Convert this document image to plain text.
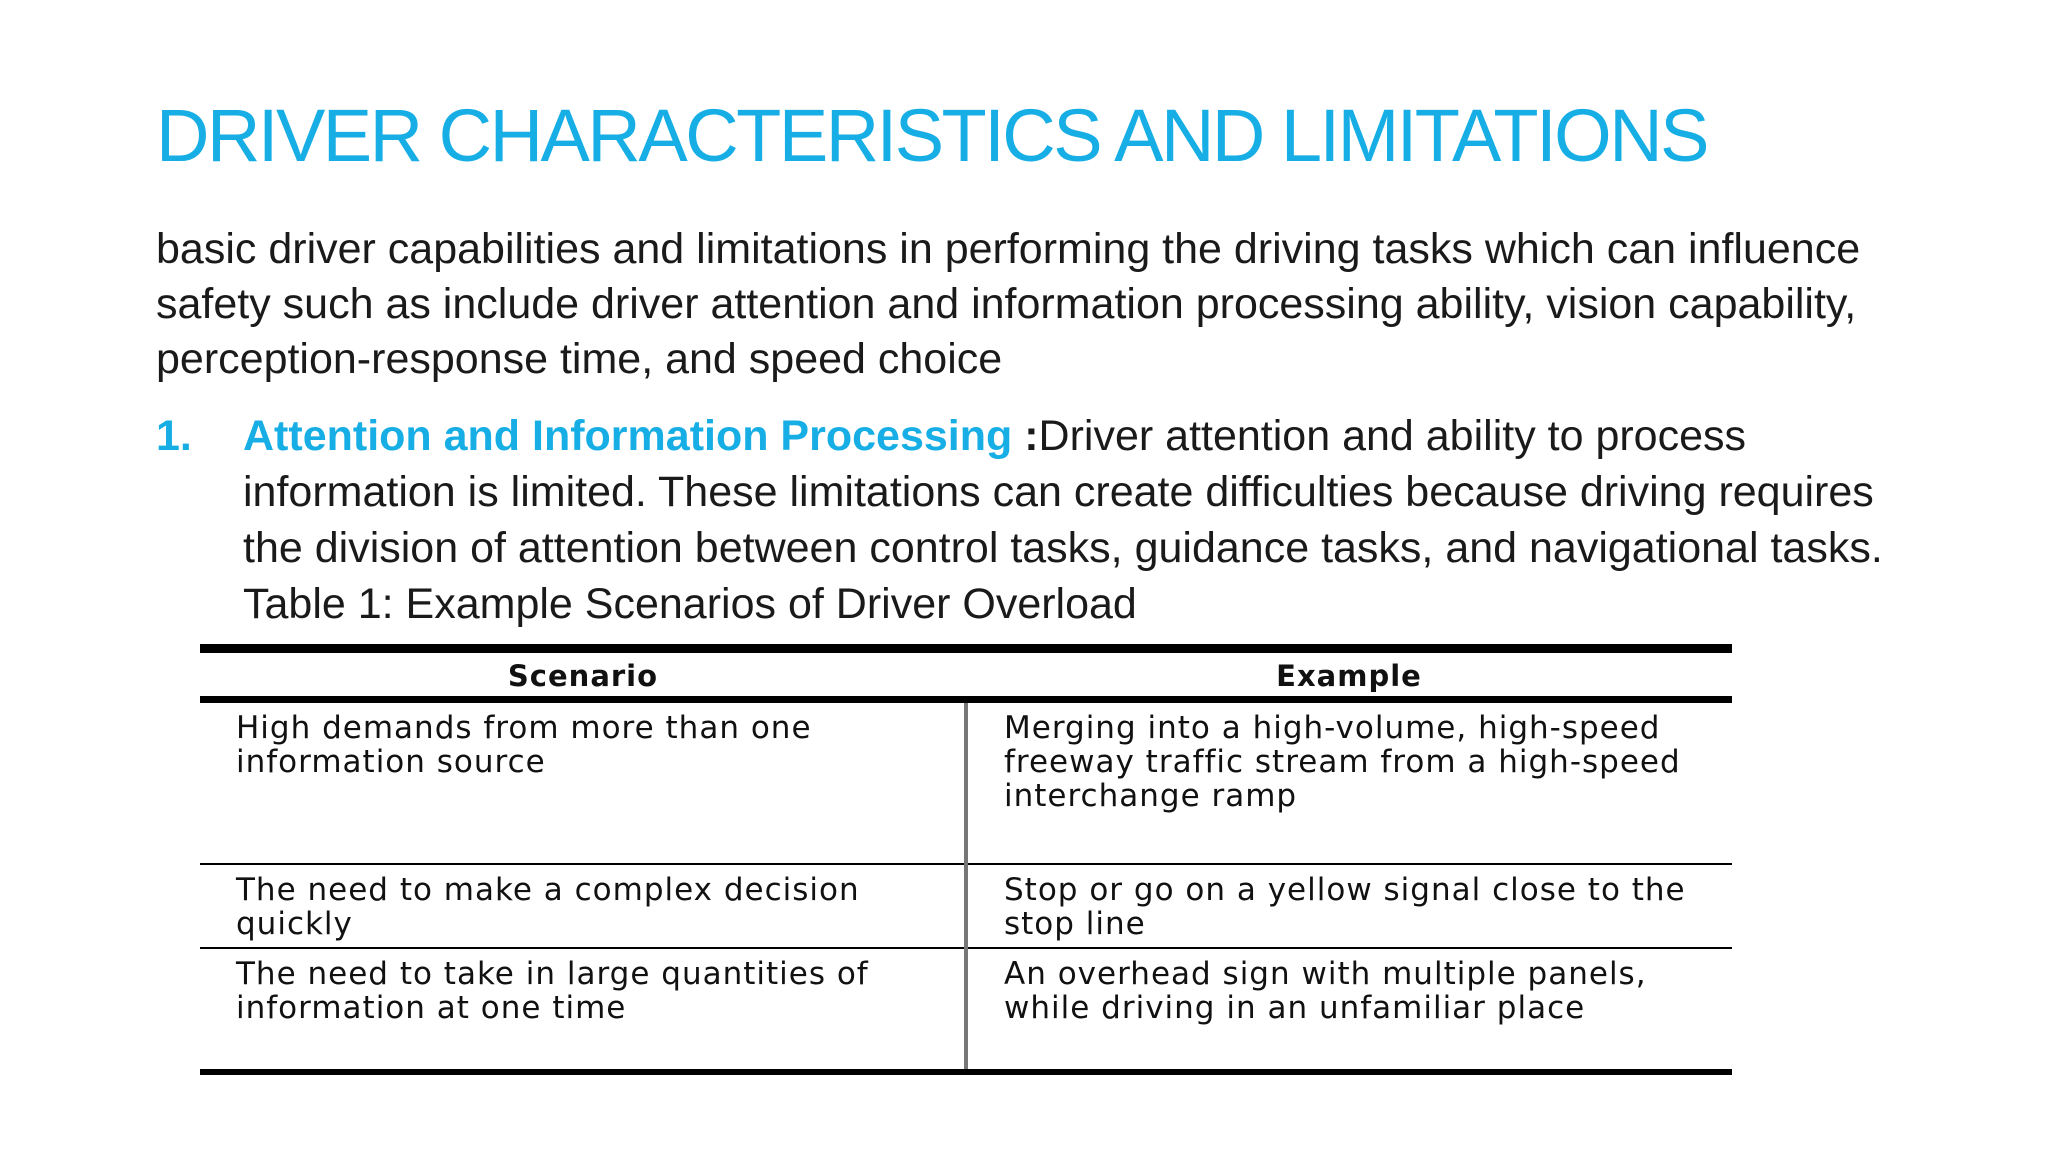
DRIVER CHARACTERISTICS AND LIMITATIONS

basic driver capabilities and limitations in performing the driving tasks which can influence safety such as include driver attention and information processing ability, vision capability, perception-response time, and speed choice

1. Attention and Information Processing :Driver attention and ability to process information is limited. These limitations can create difficulties because driving requires the division of attention between control tasks, guidance tasks, and navigational tasks. Table 1: Example Scenarios of Driver Overload
Scenario	Example
High demands from more than one information source	Merging into a high-volume, high-speed freeway traffic stream from a high-speed interchange ramp
The need to make a complex decision quickly	Stop or go on a yellow signal close to the stop line
The need to take in large quantities of information at one time	An overhead sign with multiple panels, while driving in an unfamiliar place
